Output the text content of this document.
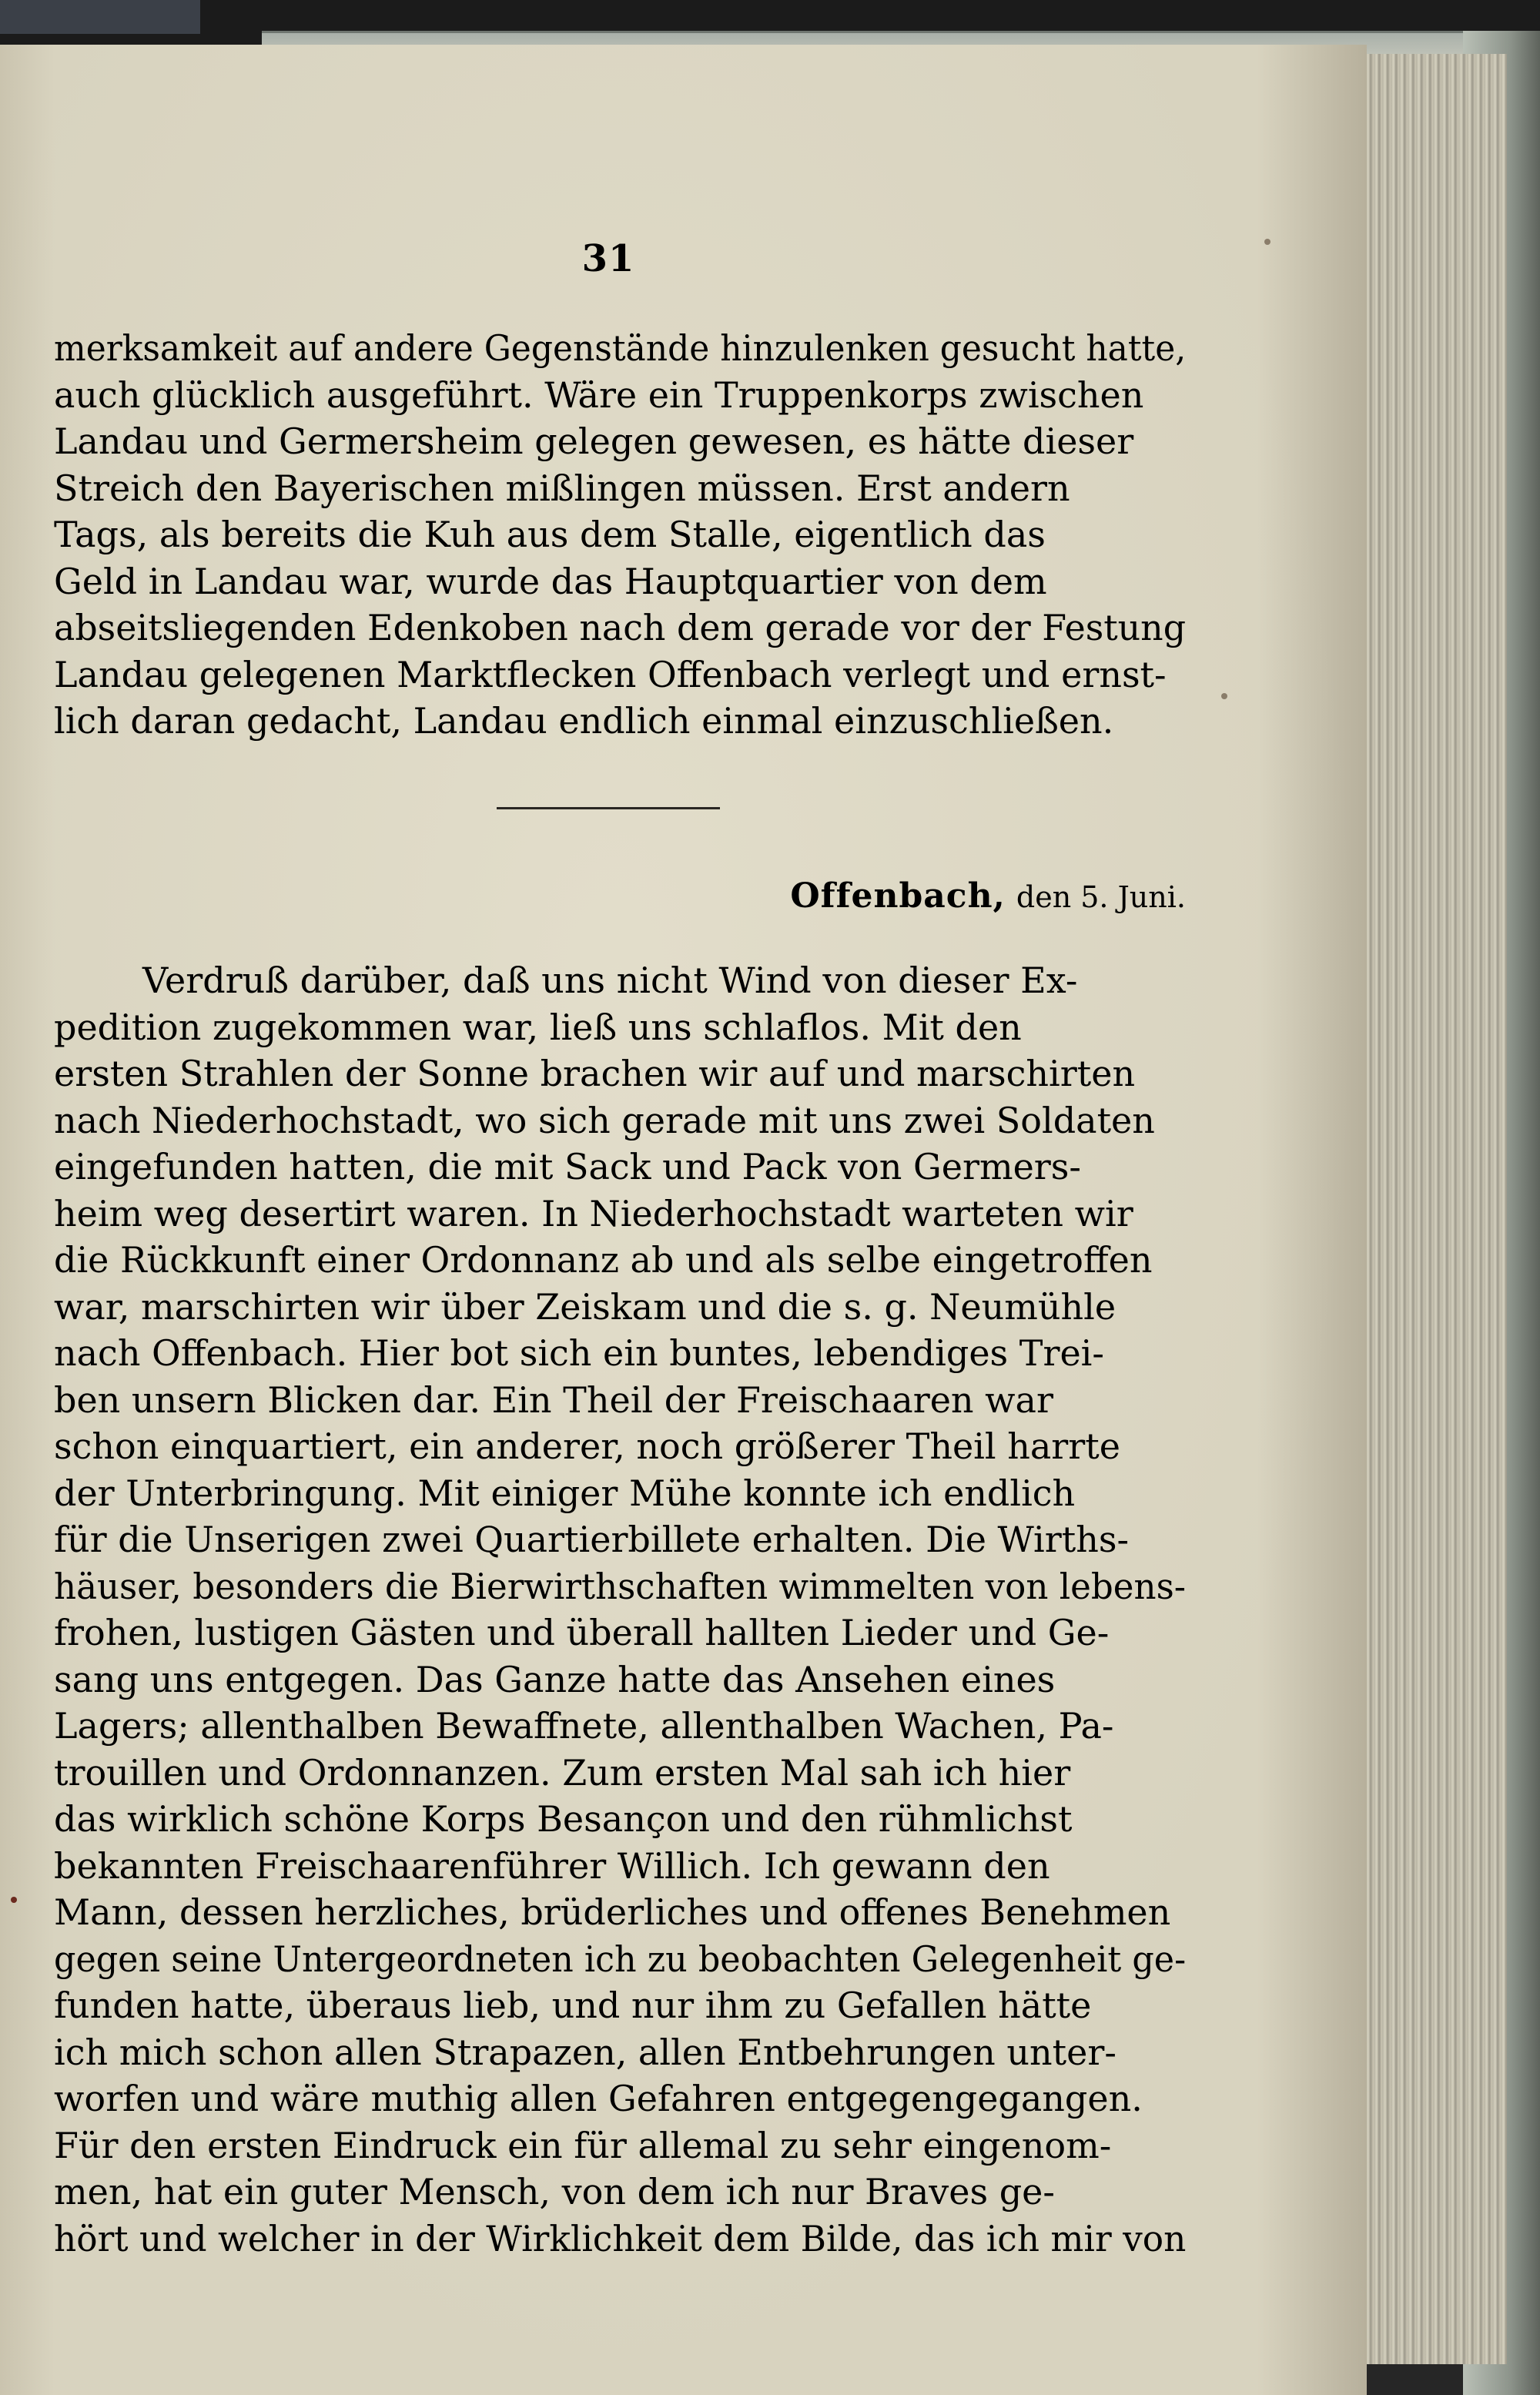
31

merksamkeit auf andere Gegenstände hinzulenken gesucht hatte,
auch glücklich ausgeführt. Wäre ein Truppenkorps zwischen
Landau und Germersheim gelegen gewesen, es hätte dieser
Streich den Bayerischen mißlingen müssen. Erst andern
Tags, als bereits die Kuh aus dem Stalle, eigentlich das
Geld in Landau war, wurde das Hauptquartier von dem
abseitsliegenden Edenkoben nach dem gerade vor der Festung
Landau gelegenen Marktflecken Offenbach verlegt und ernst-
lich daran gedacht, Landau endlich einmal einzuschließen.

Offenbach, den 5. Juni.

Verdruß darüber, daß uns nicht Wind von dieser Ex-
pedition zugekommen war, ließ uns schlaflos. Mit den
ersten Strahlen der Sonne brachen wir auf und marschirten
nach Niederhochstadt, wo sich gerade mit uns zwei Soldaten
eingefunden hatten, die mit Sack und Pack von Germers-
heim weg desertirt waren. In Niederhochstadt warteten wir
die Rückkunft einer Ordonnanz ab und als selbe eingetroffen
war, marschirten wir über Zeiskam und die s. g. Neumühle
nach Offenbach. Hier bot sich ein buntes, lebendiges Trei-
ben unsern Blicken dar. Ein Theil der Freischaaren war
schon einquartiert, ein anderer, noch größerer Theil harrte
der Unterbringung. Mit einiger Mühe konnte ich endlich
für die Unserigen zwei Quartierbillete erhalten. Die Wirths-
häuser, besonders die Bierwirthschaften wimmelten von lebens-
frohen, lustigen Gästen und überall hallten Lieder und Ge-
sang uns entgegen. Das Ganze hatte das Ansehen eines
Lagers; allenthalben Bewaffnete, allenthalben Wachen, Pa-
trouillen und Ordonnanzen. Zum ersten Mal sah ich hier
das wirklich schöne Korps Besançon und den rühmlichst
bekannten Freischaarenführer Willich. Ich gewann den
Mann, dessen herzliches, brüderliches und offenes Benehmen
gegen seine Untergeordneten ich zu beobachten Gelegenheit ge-
funden hatte, überaus lieb, und nur ihm zu Gefallen hätte
ich mich schon allen Strapazen, allen Entbehrungen unter-
worfen und wäre muthig allen Gefahren entgegengegangen.
Für den ersten Eindruck ein für allemal zu sehr eingenom-
men, hat ein guter Mensch, von dem ich nur Braves ge-
hört und welcher in der Wirklichkeit dem Bilde, das ich mir von
